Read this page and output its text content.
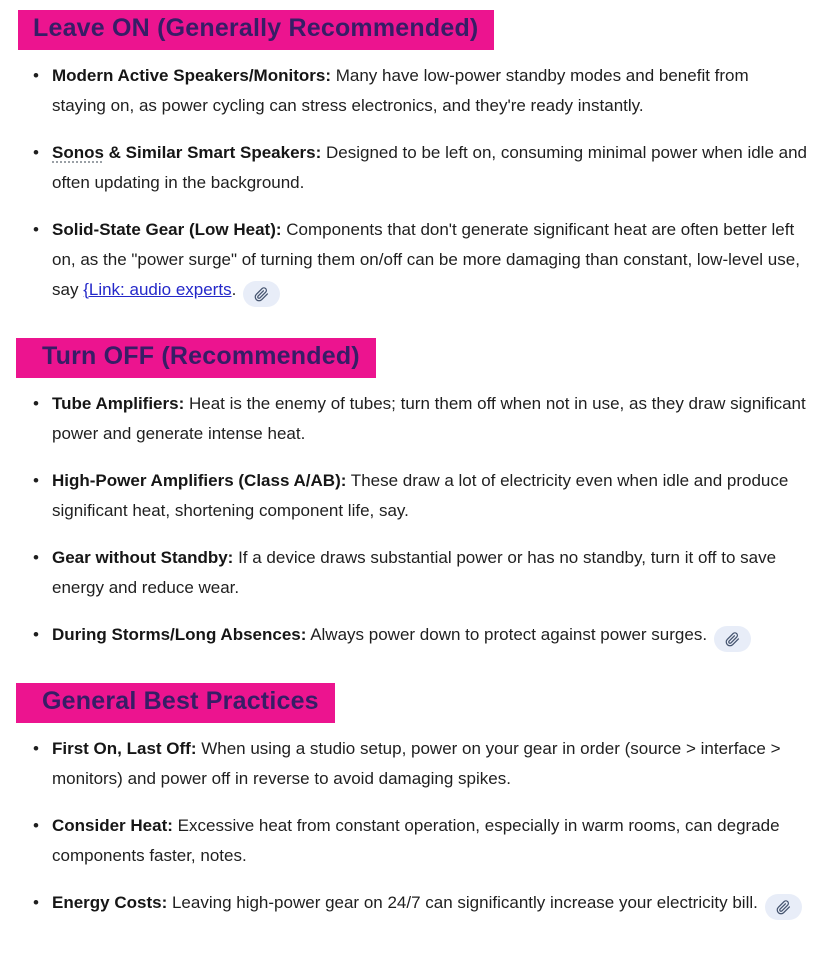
Leave ON (Generally Recommended)
• Modern Active Speakers/Monitors: Many have low-power standby modes and benefit from staying on, as power cycling can stress electronics, and they're ready instantly.
• Sonos & Similar Smart Speakers: Designed to be left on, consuming minimal power when idle and often updating in the background.
• Solid-State Gear (Low Heat): Components that don't generate significant heat are often better left on, as the "power surge" of turning them on/off can be more damaging than constant, low-level use, say {Link: audio experts.
Turn OFF (Recommended)
• Tube Amplifiers: Heat is the enemy of tubes; turn them off when not in use, as they draw significant power and generate intense heat.
• High-Power Amplifiers (Class A/AB): These draw a lot of electricity even when idle and produce significant heat, shortening component life, say.
• Gear without Standby: If a device draws substantial power or has no standby, turn it off to save energy and reduce wear.
• During Storms/Long Absences: Always power down to protect against power surges.
General Best Practices
• First On, Last Off: When using a studio setup, power on your gear in order (source > interface > monitors) and power off in reverse to avoid damaging spikes.
• Consider Heat: Excessive heat from constant operation, especially in warm rooms, can degrade components faster, notes.
• Energy Costs: Leaving high-power gear on 24/7 can significantly increase your electricity bill.
